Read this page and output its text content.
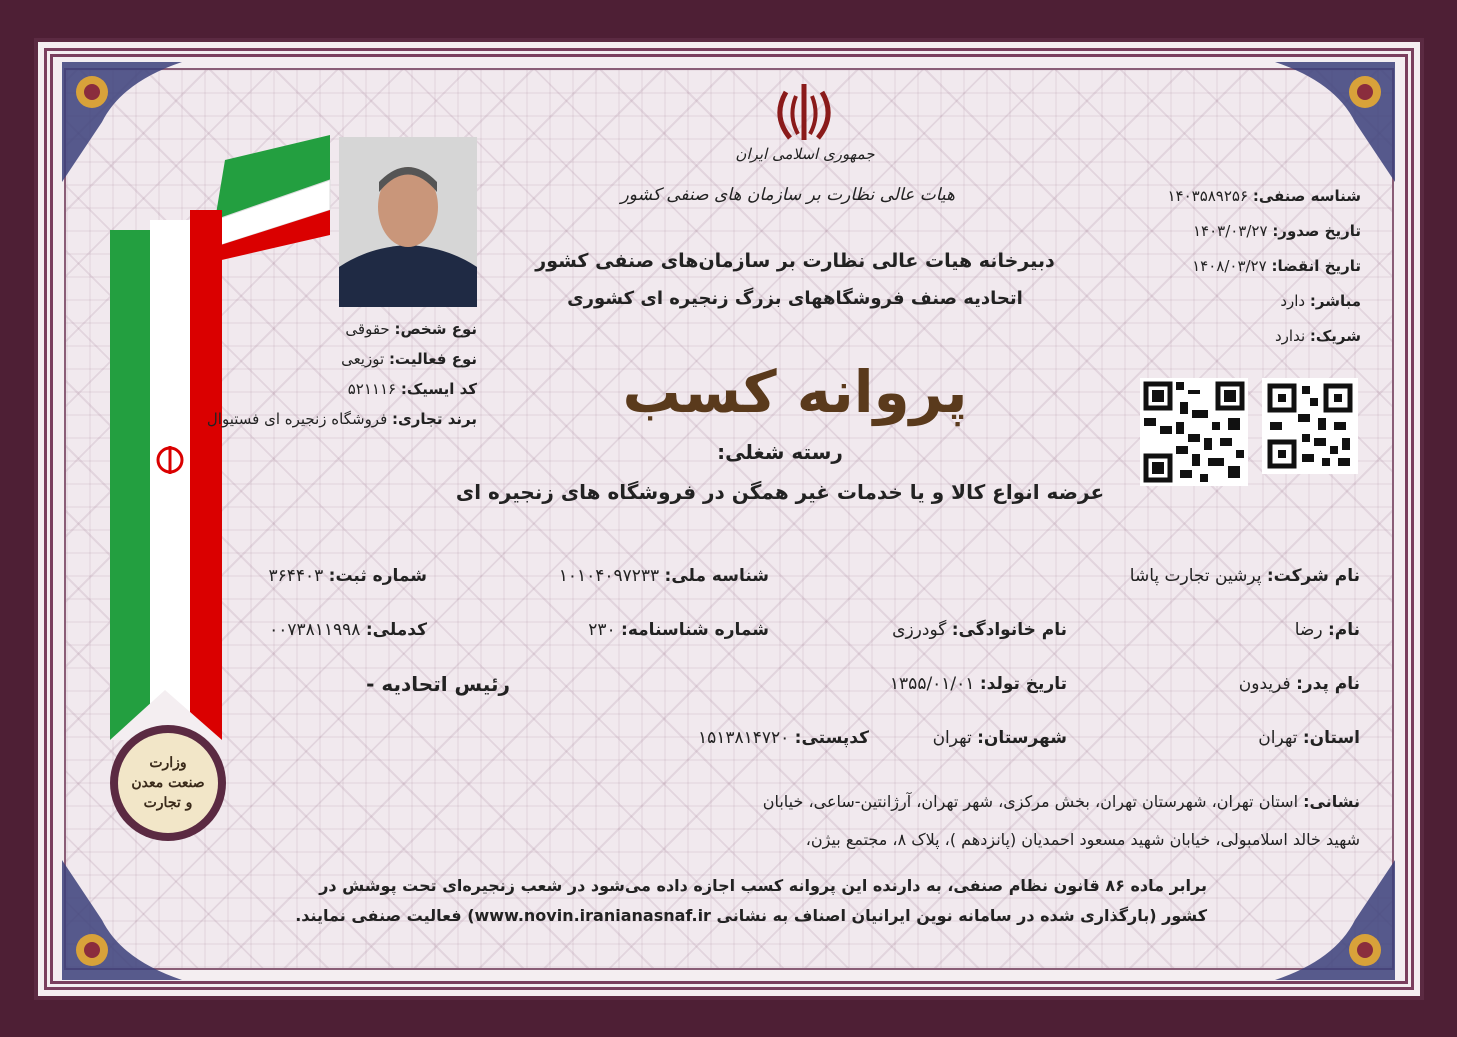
وزارت صنعت معدن و تجارت
جمهوری اسلامی ایران
هیات عالی نظارت بر سازمان های صنفی کشور
دبیرخانه هیات عالی نظارت بر سازمان‌های صنفی کشور
اتحادیه صنف فروشگاههای بزرگ زنجیره ای کشوری
پروانه کسب
رسته شغلی:
عرضه انواع کالا و یا خدمات غیر همگن در فروشگاه های زنجیره ای
نوع شخص: حقوقی
نوع فعالیت: توزیعی
کد ایسیک: ۵۲۱۱۱۶
برند تجاری: فروشگاه زنجیره ای فستیوال
شناسه صنفی: ۱۴۰۳۵۸۹۲۵۶
تاریخ صدور: ۱۴۰۳/۰۳/۲۷
تاریخ انقضا: ۱۴۰۸/۰۳/۲۷
مباشر: دارد
شریک: ندارد
نام شرکت: پرشین تجارت پاشا
شناسه ملی: ۱۰۱۰۴۰۹۷۲۳۳
شماره ثبت: ۳۶۴۴۰۳
نام: رضا
نام خانوادگی: گودرزی
شماره شناسنامه: ۲۳۰
کدملی: ۰۰۷۳۸۱۱۹۹۸
نام پدر: فریدون
تاریخ تولد: ۱۳۵۵/۰۱/۰۱
رئیس اتحادیه -
استان: تهران
شهرستان: تهران
کدپستی: ۱۵۱۳۸۱۴۷۲۰
نشانی: استان تهران، شهرستان تهران، بخش مرکزی، شهر تهران، آرژانتین-ساعی، خیابان
شهید خالد اسلامبولی، خیابان شهید مسعود احمدیان (پانزدهم )، پلاک ۸، مجتمع بیژن،
برابر ماده ۸۶ قانون نظام صنفی، به دارنده این پروانه کسب اجازه داده می‌شود در شعب زنجیره‌ای تحت پوشش در
کشور (بارگذاری شده در سامانه نوین ایرانیان اصناف به نشانی www.novin.iranianasnaf.ir) فعالیت صنفی نمایند.
